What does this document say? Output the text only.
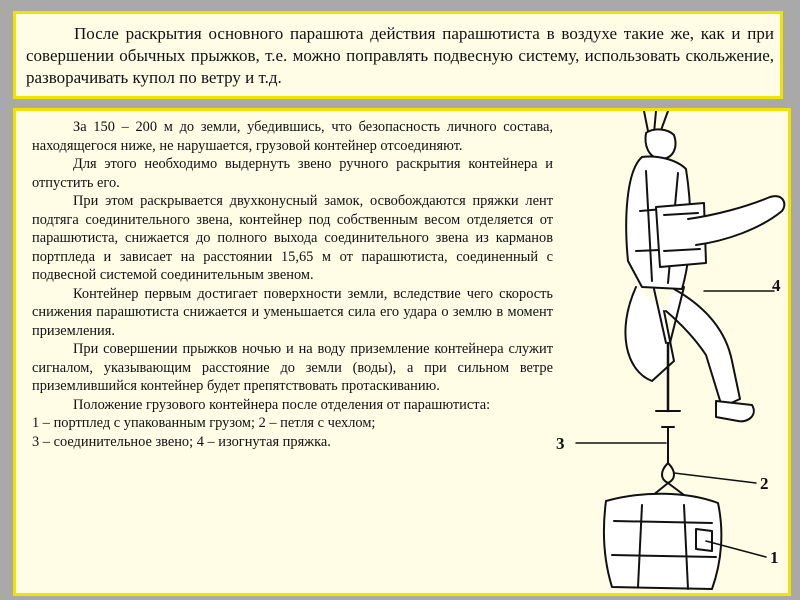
После раскрытия основного парашюта действия парашютиста в воздухе такие же, как и при совершении обычных прыжков, т.е. можно поправлять подвесную систему, использовать скольжение, разворачивать купол по ветру и т.д.

За 150 – 200 м до земли, убедившись, что безопасность личного состава, находящегося ниже, не нарушается, грузовой контейнер отсоединяют.

Для этого необходимо выдернуть звено ручного раскрытия контейнера и отпустить его.

При этом раскрывается двухконусный замок, освобождаются пряжки лент подтяга соединительного звена, контейнер под собственным весом отделяется от парашютиста, снижается до полного выхода соединительного звена из карманов портпледа и зависает на расстоянии 15,65 м от парашютиста, соединенный с подвесной системой соединительным звеном.

Контейнер первым достигает поверхности земли, вследствие чего скорость снижения парашютиста снижается и уменьшается сила его удара о землю в момент приземления.

При совершении прыжков ночью и на воду приземление контейнера служит сигналом, указывающим расстояние до земли (воды), а при сильном ветре приземлившийся контейнер будет препятствовать протаскиванию.

Положение грузового контейнера после отделения от парашютиста:

1 – портплед с упакованным грузом; 2 – петля с чехлом;

3 – соединительное звено; 4 – изогнутая пряжка.

4
3
2
1
